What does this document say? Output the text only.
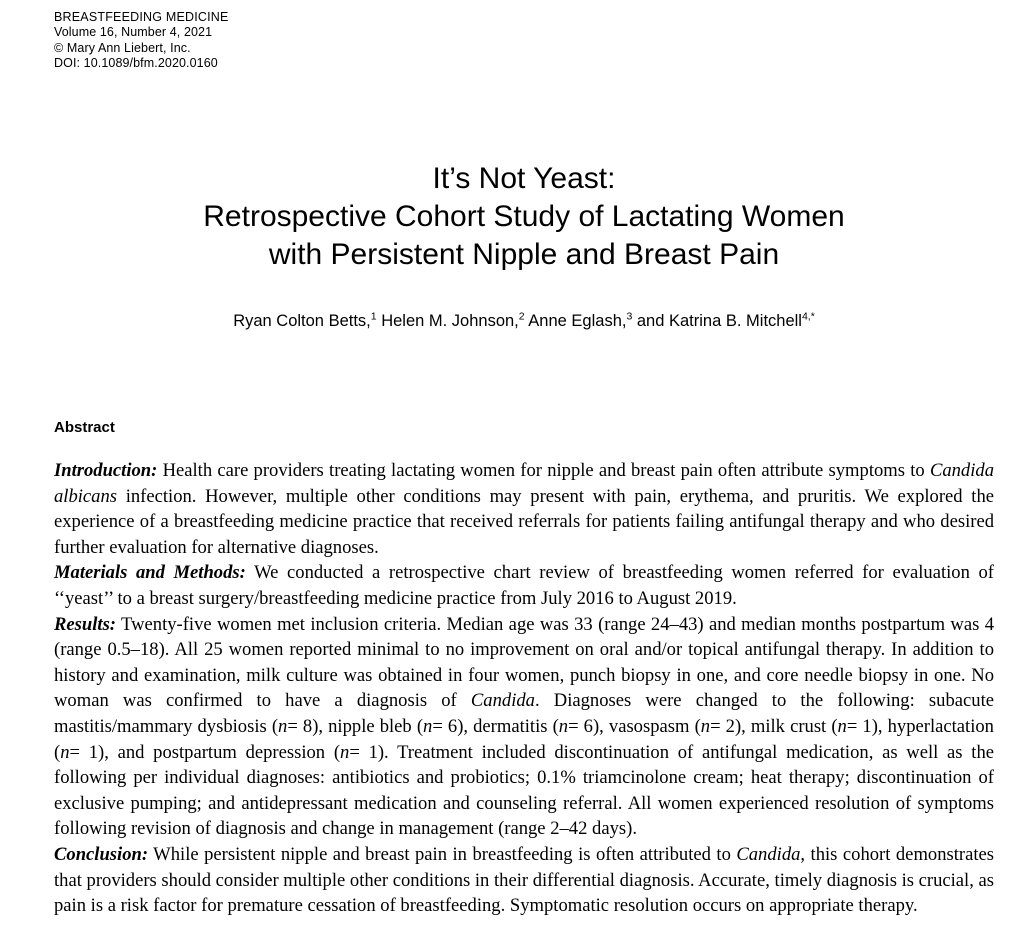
BREASTFEEDING MEDICINE
Volume 16, Number 4, 2021
© Mary Ann Liebert, Inc.
DOI: 10.1089/bfm.2020.0160
It’s Not Yeast:
Retrospective Cohort Study of Lactating Women
with Persistent Nipple and Breast Pain
Ryan Colton Betts,$^1$ Helen M. Johnson,$^2$ Anne Eglash,$^3$ and Katrina B. Mitchell$^{4,*}$
Abstract

Introduction: Health care providers treating lactating women for nipple and breast pain often attribute symptoms to Candida albicans infection. However, multiple other conditions may present with pain, erythema, and pruritis. We explored the experience of a breastfeeding medicine practice that received referrals for patients failing antifungal therapy and who desired further evaluation for alternative diagnoses.

Materials and Methods: We conducted a retrospective chart review of breastfeeding women referred for evaluation of ‘‘yeast’’ to a breast surgery/breastfeeding medicine practice from July 2016 to August 2019.

Results: Twenty-five women met inclusion criteria. Median age was 33 (range 24–43) and median months postpartum was 4 (range 0.5–18). All 25 women reported minimal to no improvement on oral and/or topical antifungal therapy. In addition to history and examination, milk culture was obtained in four women, punch biopsy in one, and core needle biopsy in one. No woman was confirmed to have a diagnosis of Candida. Diagnoses were changed to the following: subacute mastitis/mammary dysbiosis (n= 8), nipple bleb (n= 6), dermatitis (n= 6), vasospasm (n= 2), milk crust (n= 1), hyperlactation (n= 1), and postpartum depression (n= 1). Treatment included discontinuation of antifungal medication, as well as the following per individual diagnoses: antibiotics and probiotics; 0.1% triamcinolone cream; heat therapy; discontinuation of exclusive pumping; and antidepressant medication and counseling referral. All women experienced resolution of symptoms following revision of diagnosis and change in management (range 2–42 days).

Conclusion: While persistent nipple and breast pain in breastfeeding is often attributed to Candida, this cohort demonstrates that providers should consider multiple other conditions in their differential diagnosis. Accurate, timely diagnosis is crucial, as pain is a risk factor for premature cessation of breastfeeding. Symptomatic resolution occurs on appropriate therapy.
